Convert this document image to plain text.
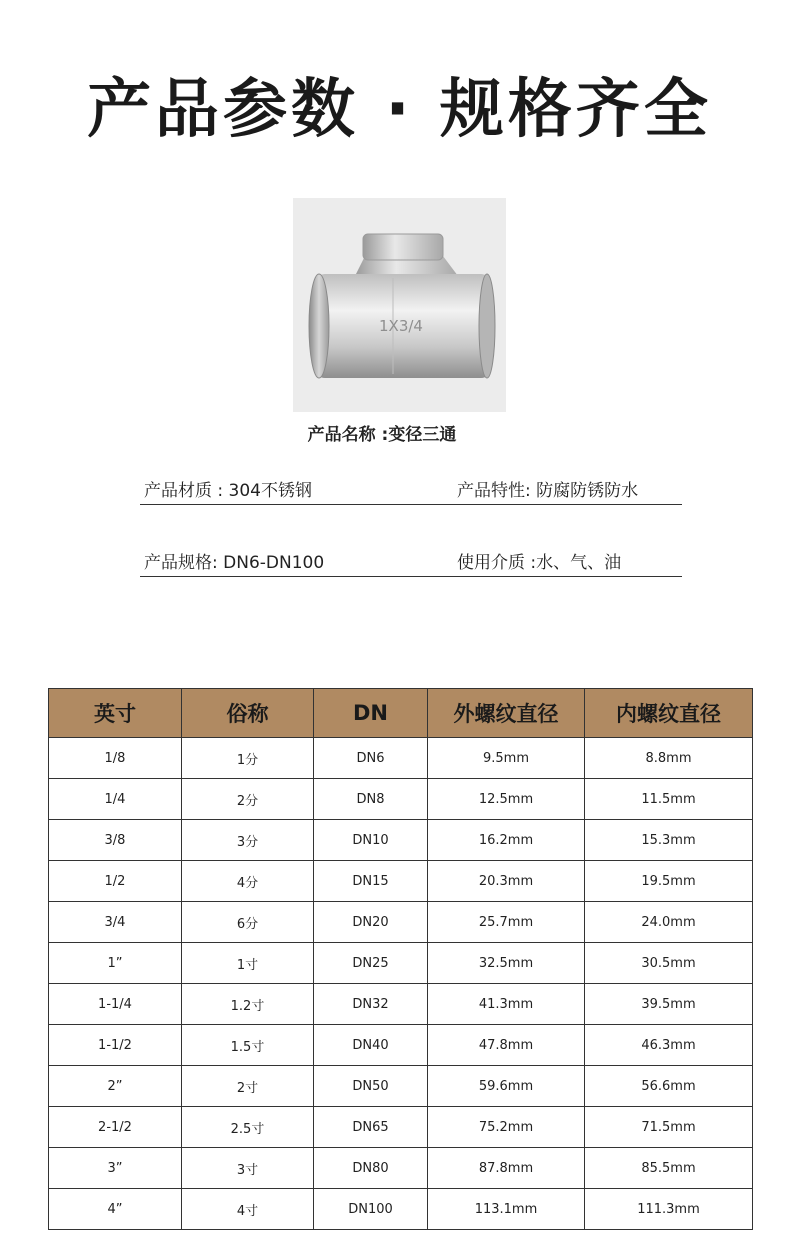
产品参数 · 规格齐全
1X3/4
产品名称 :变径三通
产品材质 : 304不锈钢	产品特性: 防腐防锈防水
产品规格: DN6-DN100	使用介质 :水、气、油
英寸	俗称	DN	外螺纹直径	内螺纹直径
1/8	1分	DN6	9.5mm	8.8mm
1/4	2分	DN8	12.5mm	11.5mm
3/8	3分	DN10	16.2mm	15.3mm
1/2	4分	DN15	20.3mm	19.5mm
3/4	6分	DN20	25.7mm	24.0mm
1”	1寸	DN25	32.5mm	30.5mm
1-1/4	1.2寸	DN32	41.3mm	39.5mm
1-1/2	1.5寸	DN40	47.8mm	46.3mm
2”	2寸	DN50	59.6mm	56.6mm
2-1/2	2.5寸	DN65	75.2mm	71.5mm
3”	3寸	DN80	87.8mm	85.5mm
4”	4寸	DN100	113.1mm	111.3mm
